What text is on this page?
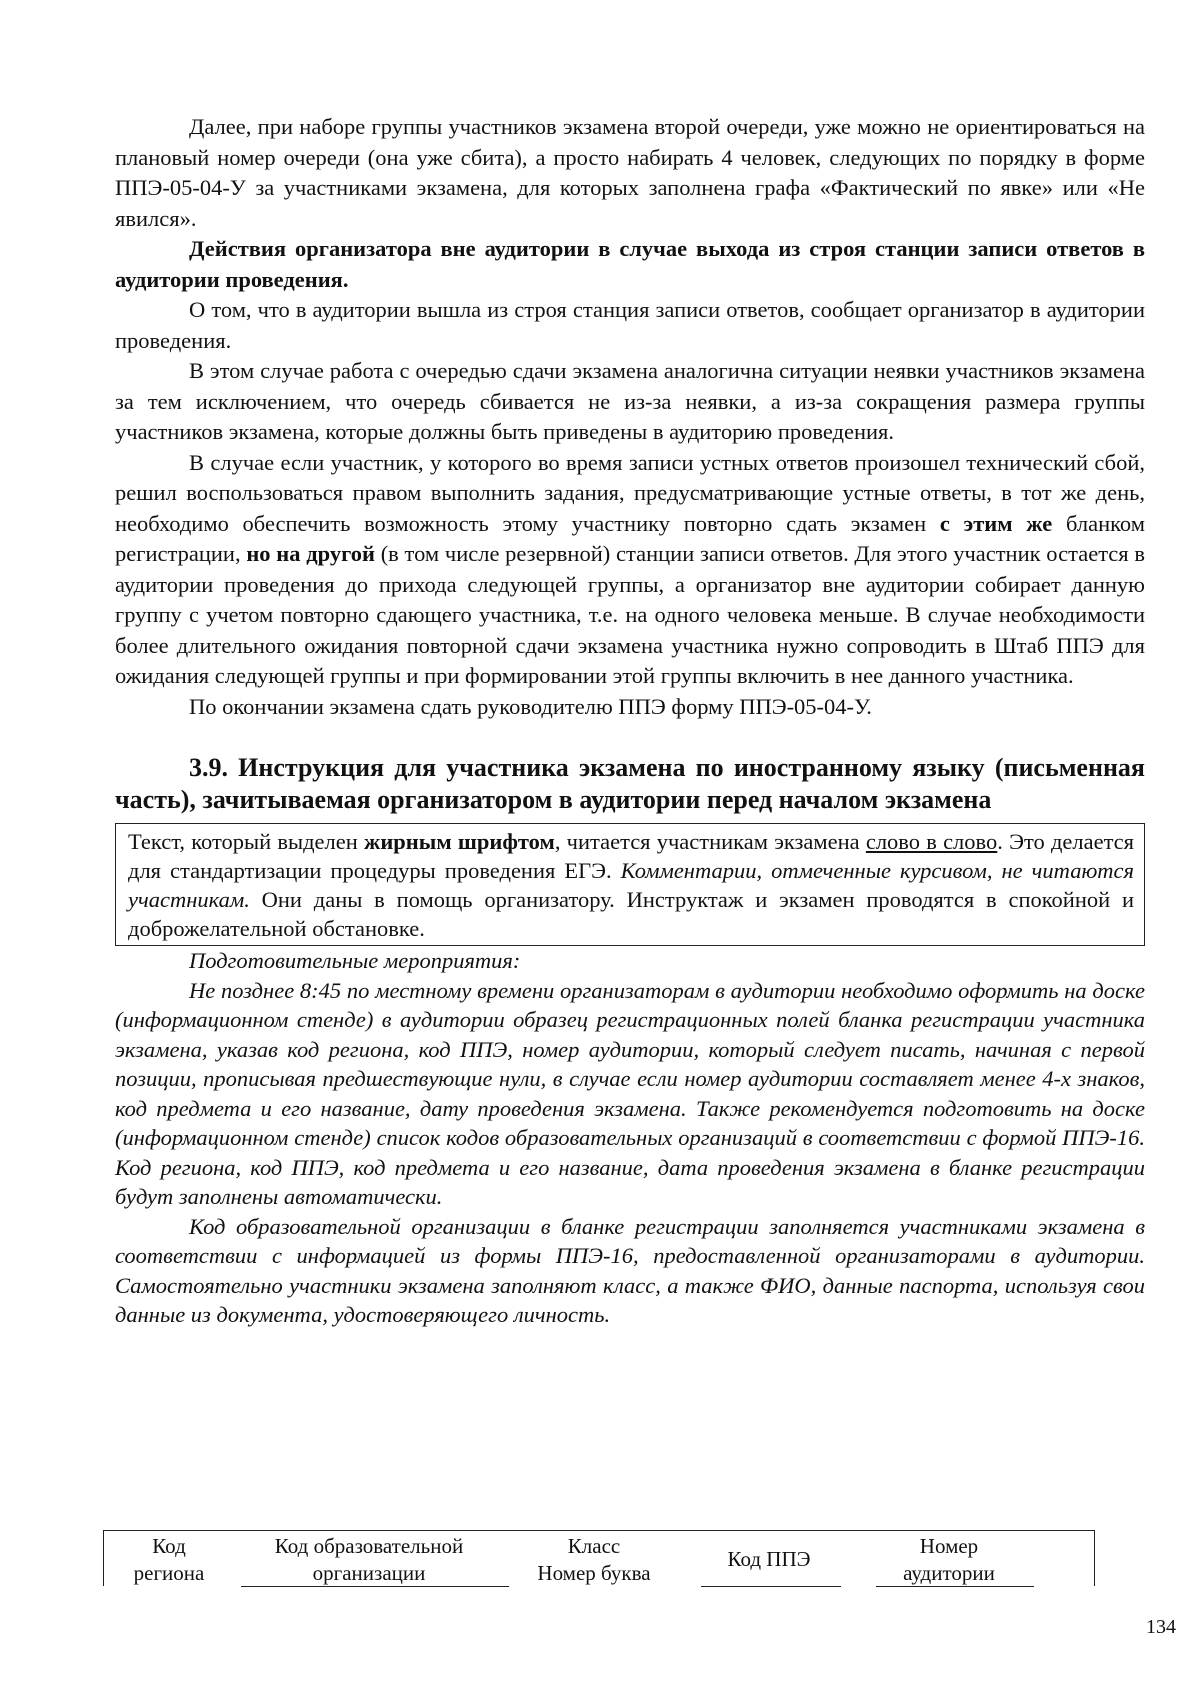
Далее, при наборе группы участников экзамена второй очереди, уже можно не ориентироваться на плановый номер очереди (она уже сбита), а просто набирать 4 человек, следующих по порядку в форме ППЭ-05-04-У за участниками экзамена, для которых заполнена графа «Фактический по явке» или «Не явился».

Действия организатора вне аудитории в случае выхода из строя станции записи ответов в аудитории проведения.

О том, что в аудитории вышла из строя станция записи ответов, сообщает организатор в аудитории проведения.

В этом случае работа с очередью сдачи экзамена аналогична ситуации неявки участников экзамена за тем исключением, что очередь сбивается не из-за неявки, а из-за сокращения размера группы участников экзамена, которые должны быть приведены в аудиторию проведения.

В случае если участник, у которого во время записи устных ответов произошел технический сбой, решил воспользоваться правом выполнить задания, предусматривающие устные ответы, в тот же день, необходимо обеспечить возможность этому участнику повторно сдать экзамен с этим же бланком регистрации, но на другой (в том числе резервной) станции записи ответов. Для этого участник остается в аудитории проведения до прихода следующей группы, а организатор вне аудитории собирает данную группу с учетом повторно сдающего участника, т.е. на одного человека меньше. В случае необходимости более длительного ожидания повторной сдачи экзамена участника нужно сопроводить в Штаб ППЭ для ожидания следующей группы и при формировании этой группы включить в нее данного участника.

По окончании экзамена сдать руководителю ППЭ форму ППЭ-05-04-У.

3.9. Инструкция для участника экзамена по иностранному языку (письменная часть), зачитываемая организатором в аудитории перед началом экзамена

Текст, который выделен жирным шрифтом, читается участникам экзамена слово в слово. Это делается для стандартизации процедуры проведения ЕГЭ. Комментарии, отмеченные курсивом, не читаются участникам. Они даны в помощь организатору. Инструктаж и экзамен проводятся в спокойной и доброжелательной обстановке.

Подготовительные мероприятия:

Не позднее 8:45 по местному времени организаторам в аудитории необходимо оформить на доске (информационном стенде) в аудитории образец регистрационных полей бланка регистрации участника экзамена, указав код региона, код ППЭ, номер аудитории, который следует писать, начиная с первой позиции, прописывая предшествующие нули, в случае если номер аудитории составляет менее 4-х знаков, код предмета и его название, дату проведения экзамена. Также рекомендуется подготовить на доске (информационном стенде) список кодов образовательных организаций в соответствии с формой ППЭ-16. Код региона, код ППЭ, код предмета и его название, дата проведения экзамена в бланке регистрации будут заполнены автоматически.

Код образовательной организации в бланке регистрации заполняется участниками экзамена в соответствии с информацией из формы ППЭ-16, предоставленной организаторами в аудитории. Самостоятельно участники экзамена заполняют класс, а также ФИО, данные паспорта, используя свои данные из документа, удостоверяющего личность.

Код
региона
Код образовательной
организации
Класс
Номер буква
Код ППЭ
Номер
аудитории
134
